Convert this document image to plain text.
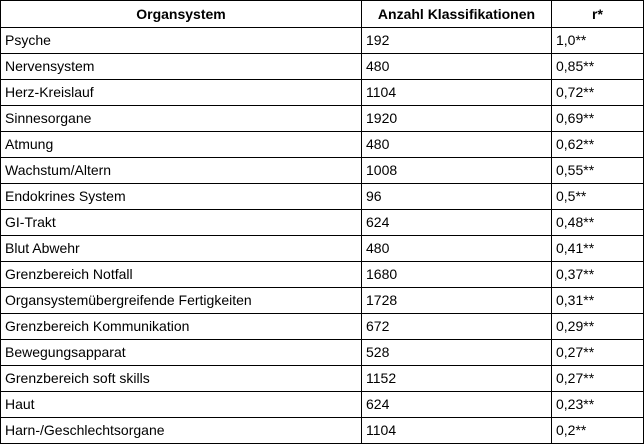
Organsystem	Anzahl Klassifikationen	r*
Psyche	192	1,0**
Nervensystem	480	0,85**
Herz-Kreislauf	1104	0,72**
Sinnesorgane	1920	0,69**
Atmung	480	0,62**
Wachstum/Altern	1008	0,55**
Endokrines System	96	0,5**
GI-Trakt	624	0,48**
Blut Abwehr	480	0,41**
Grenzbereich Notfall	1680	0,37**
Organsystemübergreifende Fertigkeiten	1728	0,31**
Grenzbereich Kommunikation	672	0,29**
Bewegungsapparat	528	0,27**
Grenzbereich soft skills	1152	0,27**
Haut	624	0,23**
Harn-/Geschlechtsorgane	1104	0,2**
